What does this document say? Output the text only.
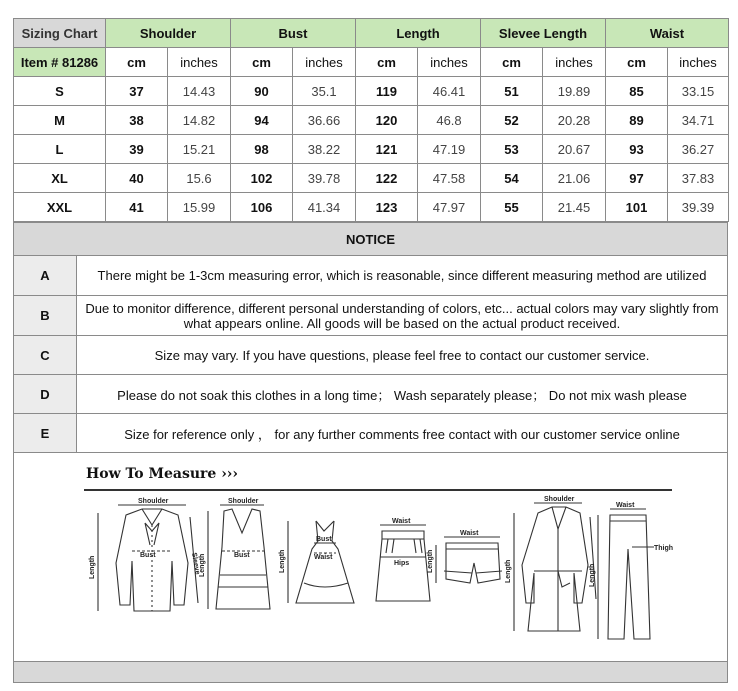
Sizing Chart	Shoulder		Bust		Length		Slevee Length		Waist	
Item # 81286	cm	inches	cm	inches	cm	inches	cm	inches	cm	inches
S	37	14.43	90	35.1	119	46.41	51	19.89	85	33.15
M	38	14.82	94	36.66	120	46.8	52	20.28	89	34.71
L	39	15.21	98	38.22	121	47.19	53	20.67	93	36.27
XL	40	15.6	102	39.78	122	47.58	54	21.06	97	37.83
XXL	41	15.99	106	41.34	123	47.97	55	21.45	101	39.39
NOTICE	
A	There might be 1-3cm measuring error, which is reasonable, since different measuring method are utilized
B	Due to monitor difference, different personal understanding of colors, etc... actual colors may vary slightly from what appears online. All goods will be based on the actual product received.
C	Size may vary. If you have questions, please feel free to contact our customer service.
D	Please do not soak this clothes in a long time； Wash separately please； Do not mix wash please
E	Size for reference only ， for any further comments free contact with our customer service online
How To Measure ›››
Shoulder
Bust
Length	Sleeve
Shoulder
Bust
Length
Bust
Waist
Length
Waist
Hips
Waist
Length
Shoulder
Length
Waist
Thigh
Length
